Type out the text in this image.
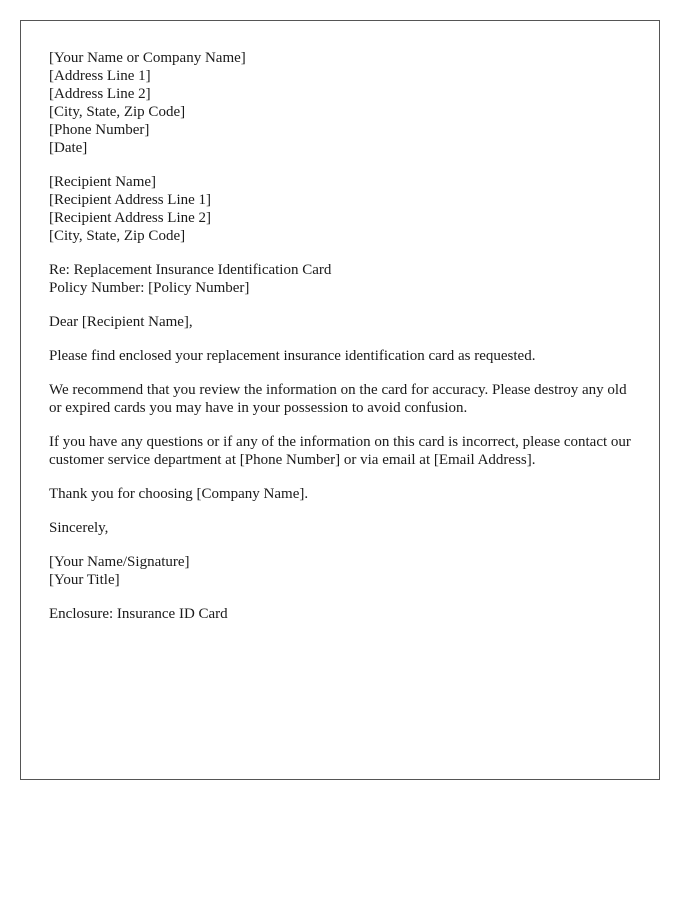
[Your Name or Company Name]
[Address Line 1]
[Address Line 2]
[City, State, Zip Code]
[Phone Number]
[Date]
[Recipient Name]
[Recipient Address Line 1]
[Recipient Address Line 2]
[City, State, Zip Code]
Re: Replacement Insurance Identification Card
Policy Number: [Policy Number]

Dear [Recipient Name],

Please find enclosed your replacement insurance identification card as requested.

We recommend that you review the information on the card for accuracy. Please destroy any old or expired cards you may have in your possession to avoid confusion.

If you have any questions or if any of the information on this card is incorrect, please contact our customer service department at [Phone Number] or via email at [Email Address].

Thank you for choosing [Company Name].

Sincerely,

[Your Name/Signature]
[Your Title]

Enclosure: Insurance ID Card
